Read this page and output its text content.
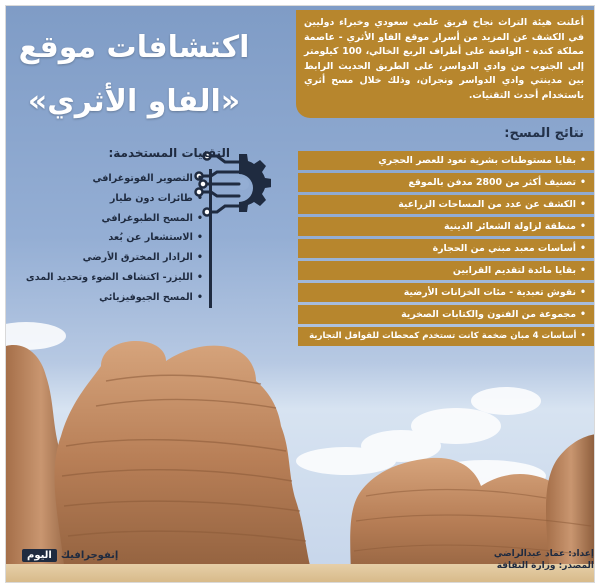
اكتشافات موقع
«الفاو الأثري»
أعلنت هيئة التراث نجاح فريق علمي سعودي وخبراء دوليين في الكشف عن المزيد من أسرار موقع الفاو الأثري - عاصمة مملكة كندة - الواقعة على أطراف الربع الخالي، 100 كيلومتر إلى الجنوب من وادي الدواسر، على الطريق الحديث الرابط بين مدينتي وادي الدواسر ونجران، وذلك خلال مسح أثري باستخدام أحدث التقنيات.
نتائج المسح:
•بقايا مستوطنات بشرية تعود للعصر الحجري
•تصنيف أكثر من 2800 مدفن بالموقع
•الكشف عن عدد من المساحات الزراعية
•منطقة لزاولة الشعائر الدينية
•أساسات معبد مبني من الحجارة
•بقايا مائدة لتقديم القرابين
•نقوش تعبدية - مئات الخزانات الأرضية
•مجموعة من الفنون والكتابات الصخرية
•أساسات 4 مبان ضخمة كانت تستخدم كمحطات للقوافل التجارية
التقنيات المستخدمة:
•التصوير الفوتوغرافي
•طائرات دون طيار
•المسح الطبوغرافي
•الاستشعار عن بُعد
•الرادار المخترق الأرضي
•الليزر- اكتشاف الضوء وتحديد المدى
•المسح الجيوفيزيائي
إعداد: عماد عبدالراضي
المصدر: وزارة الثقافة
إنفوجرافيك
اليوم
